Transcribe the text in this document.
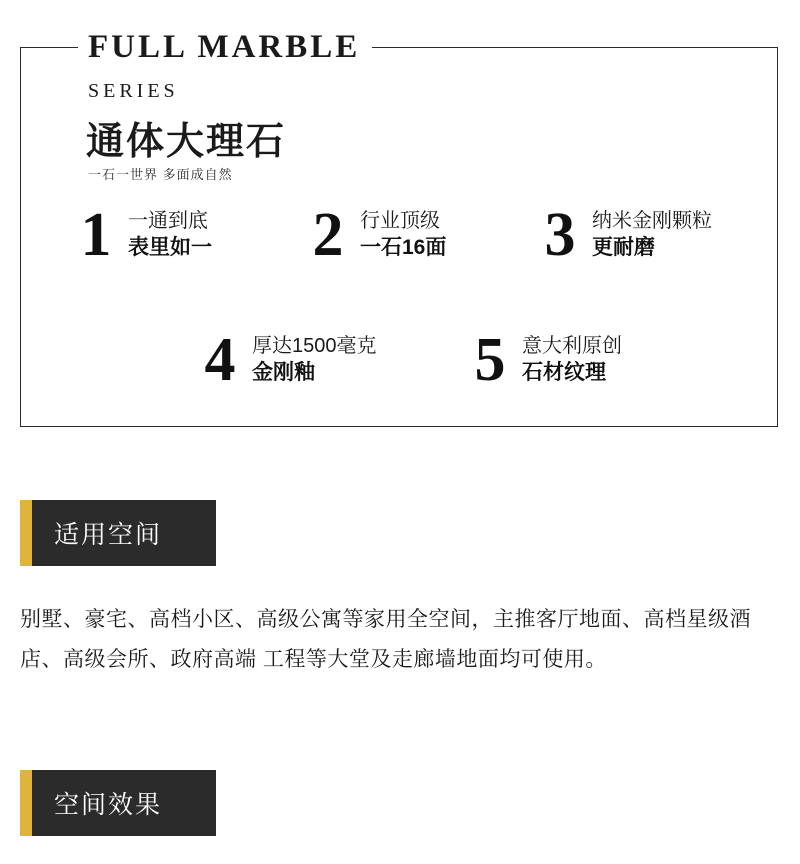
FULL MARBLE
SERIES
通体大理石
一石一世界 多面成自然
1 一通到底
表里如一 2 行业顶级
一石16面 3 纳米金刚颗粒
更耐磨
4 厚达1500毫克
金刚釉	5 意大利原创
石材纹理
适用空间
别墅、豪宅、高档小区、高级公寓等家用全空间，主推客厅地面、高档星级酒店、高级会所、政府高端 工程等大堂及走廊墙地面均可使用。
空间效果
